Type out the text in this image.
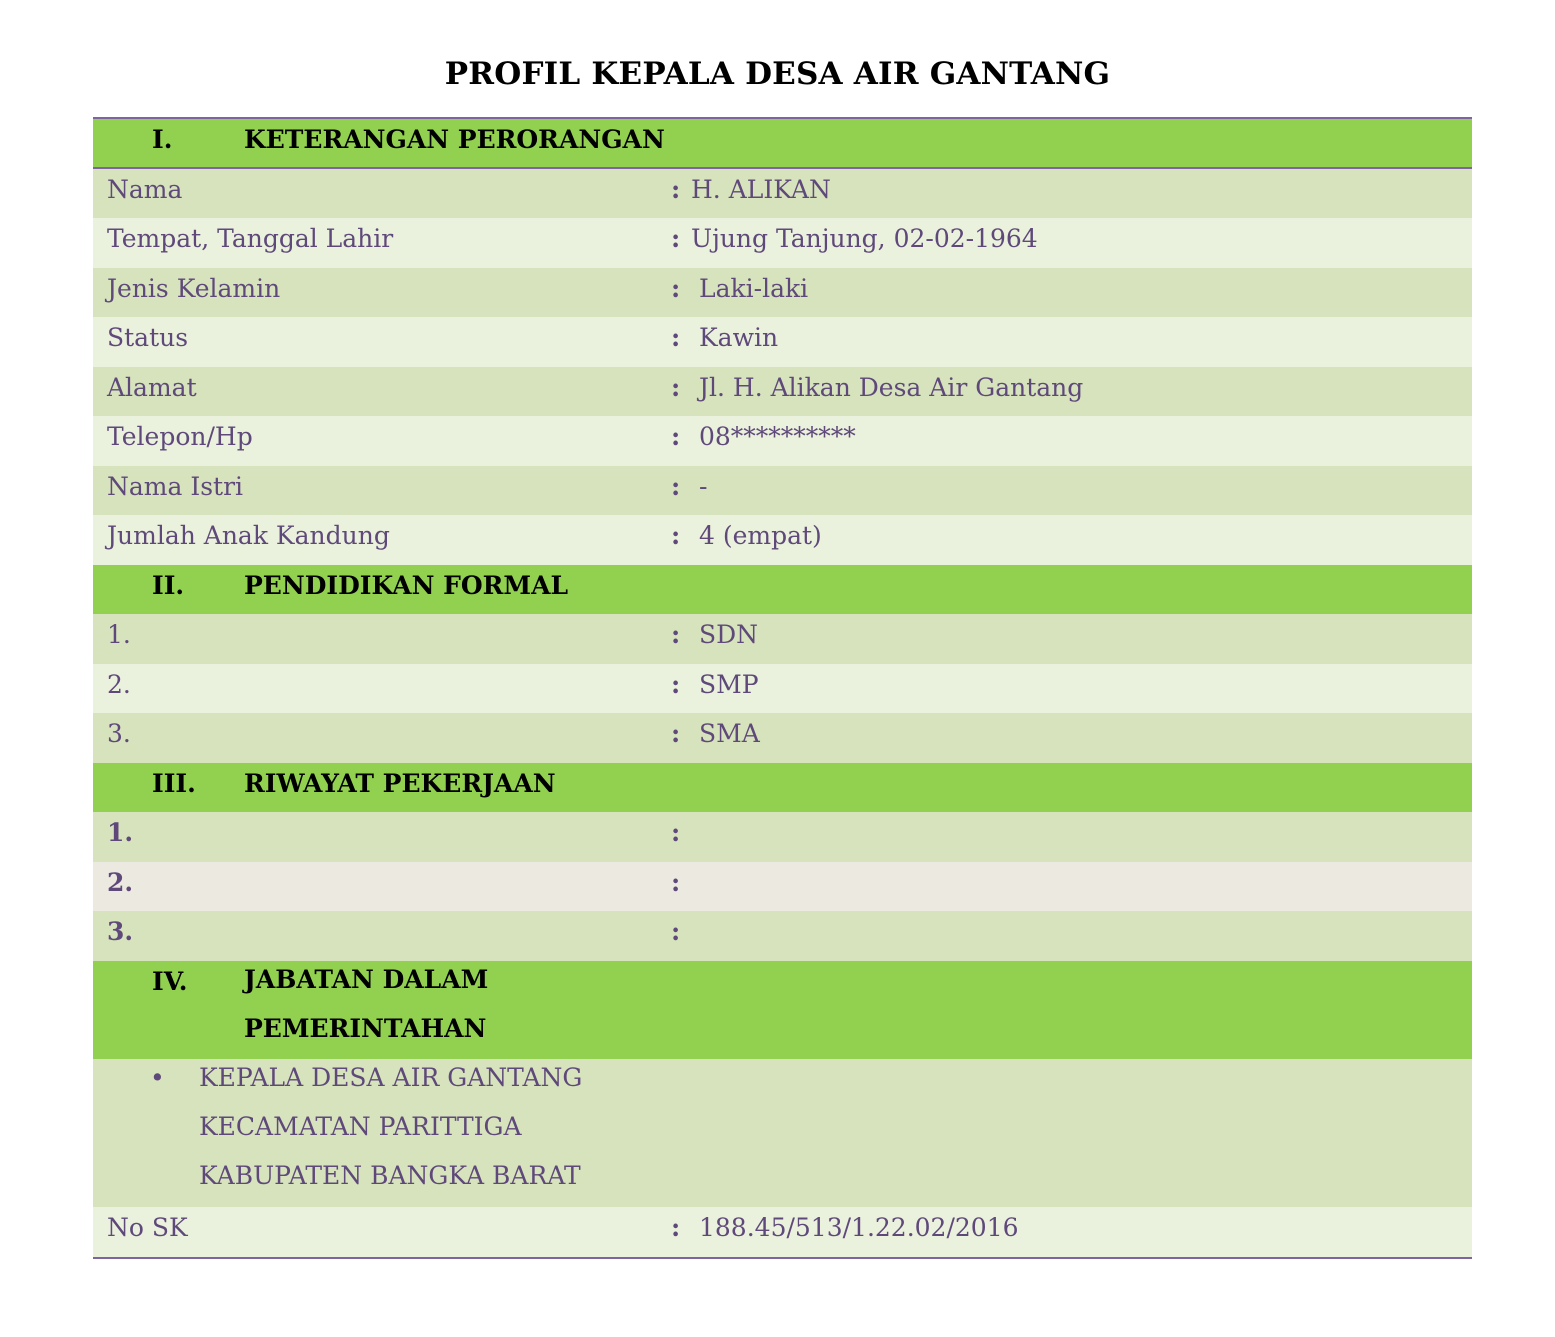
PROFIL KEPALA DESA AIR GANTANG
I.	KETERANGAN PERORANGAN
Nama	: H. ALIKAN
Tempat, Tanggal Lahir	: Ujung Tanjung, 02-02-1964
Jenis Kelamin	: Laki-laki
Status	: Kawin
Alamat	: Jl. H. Alikan Desa Air Gantang
Telepon/Hp	: 08**********
Nama Istri	: -
Jumlah Anak Kandung	: 4 (empat)
II. PENDIDIKAN FORMAL
1.	: SDN
2.	: SMP
3.	: SMA
III. RIWAYAT PEKERJAAN
1.	:
2.	:
3.	:
IV. JABATAN DALAM
PEMERINTAHAN
• KEPALA DESA AIR GANTANG
KECAMATAN PARITTIGA
KABUPATEN BANGKA BARAT
No SK	: 188.45/513/1.22.02/2016
